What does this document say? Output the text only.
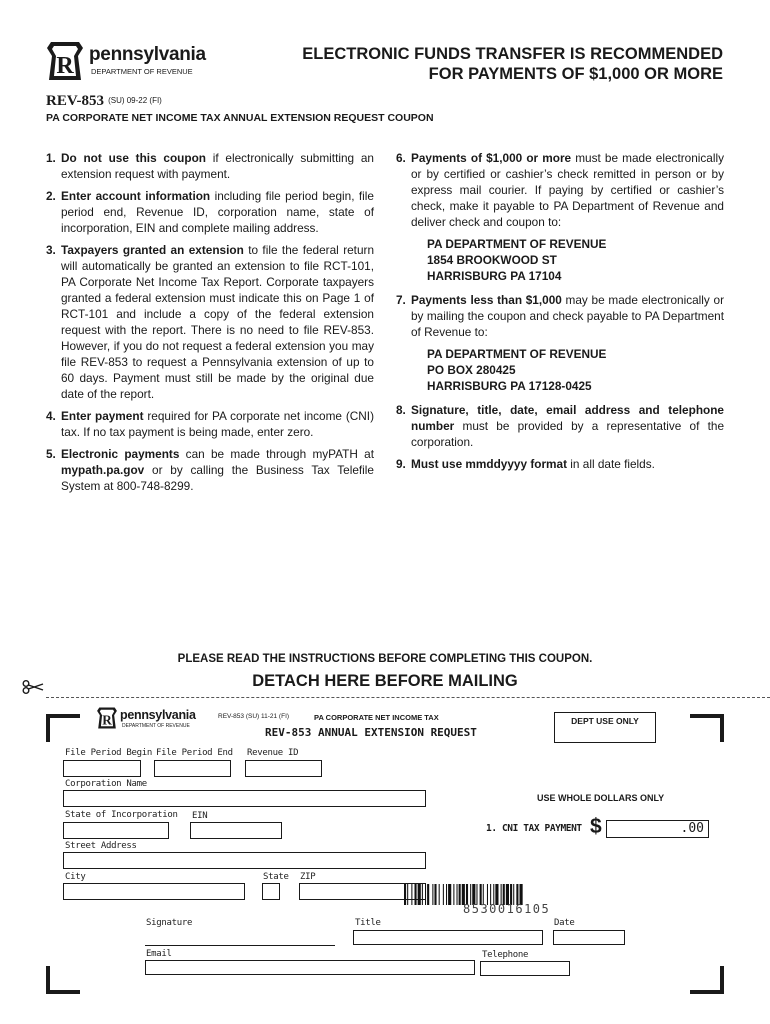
R pennsylvania
DEPARTMENT OF REVENUE
ELECTRONIC FUNDS TRANSFER IS RECOMMENDED
FOR PAYMENTS OF $1,000 OR MORE
REV-853 (SU) 09-22 (FI)
PA CORPORATE NET INCOME TAX ANNUAL EXTENSION REQUEST COUPON
1. Do not use this coupon if electronically submitting an extension request with payment.
2. Enter account information including file period begin, file period end, Revenue ID, corporation name, state of incorporation, EIN and complete mailing address.
3. Taxpayers granted an extension to file the federal return will automatically be granted an extension to file RCT-101, PA Corporate Net Income Tax Report. Corporate taxpayers granted a federal extension must indicate this on Page 1 of RCT-101 and include a copy of the federal extension request with the report. There is no need to file REV-853. However, if you do not request a federal extension you may file REV-853 to request a Pennsylvania extension of up to 60 days. Payment must still be made by the original due date of the report.
4. Enter payment required for PA corporate net income (CNI) tax. If no tax payment is being made, enter zero.
5. Electronic payments can be made through myPATH at mypath.pa.gov or by calling the Business Tax Telefile System at 800-748-8299.
6. Payments of $1,000 or more must be made electronically or by certified or cashier’s check remitted in person or by express mail courier. If paying by certified or cashier’s check, make it payable to PA Department of Revenue and deliver check and coupon to:
PA DEPARTMENT OF REVENUE
1854 BROOKWOOD ST
HARRISBURG PA 17104
7. Payments less than $1,000 may be made electronically or by mailing the coupon and check payable to PA Department of Revenue to:
PA DEPARTMENT OF REVENUE
PO BOX 280425
HARRISBURG PA 17128-0425
8. Signature, title, date, email address and telephone number must be provided by a representative of the corporation.
9. Must use mmddyyyy format in all date fields.
PLEASE READ THE INSTRUCTIONS BEFORE COMPLETING THIS COUPON.
DETACH HERE BEFORE MAILING
R pennsylvania
DEPARTMENT OF REVENUE
REV-853 (SU) 11-21 (FI)	PA CORPORATE NET INCOME TAX
REV-853 ANNUAL EXTENSION REQUEST
DEPT USE ONLY
File Period Begin File Period End Revenue ID
Corporation Name
USE WHOLE DOLLARS ONLY
State of Incorporation EIN
1. CNI TAX PAYMENT $	.00
Street Address
City	State ZIP
8530016105
Signature	Title	Date
Email	Telephone
